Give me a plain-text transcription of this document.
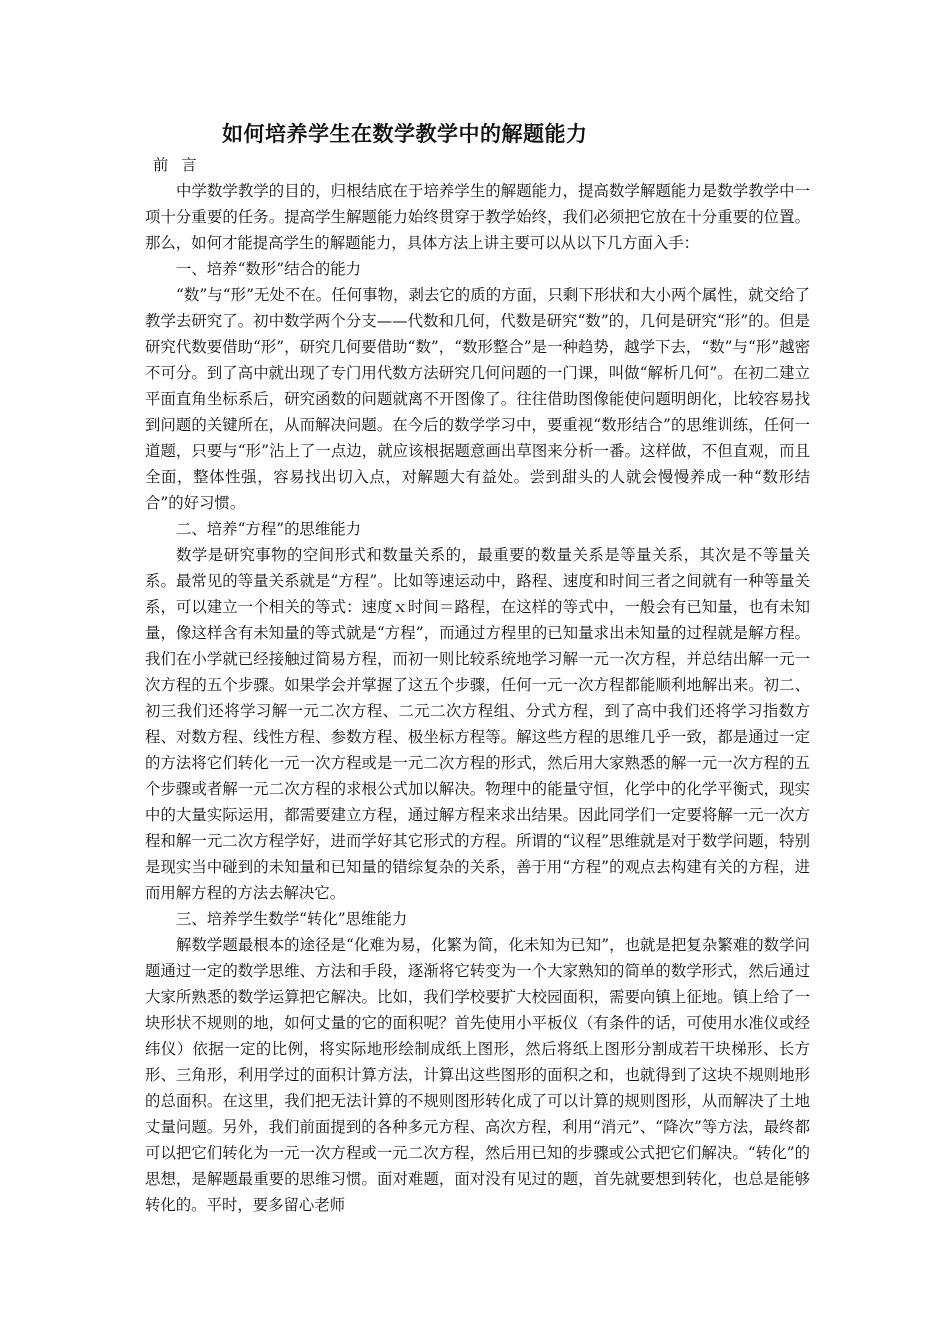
如何培养学生在数学教学中的解题能力
前 言

中学数学教学的目的，归根结底在于培养学生的解题能力，提高数学解题能力是数学教学中一项十分重要的任务。提高学生解题能力始终贯穿于教学始终，我们必须把它放在十分重要的位置。那么，如何才能提高学生的解题能力，具体方法上讲主要可以从以下几方面入手：

一、培养“数形”结合的能力

“数”与“形”无处不在。任何事物，剥去它的质的方面，只剩下形状和大小两个属性，就交给了教学去研究了。初中数学两个分支——代数和几何，代数是研究“数”的，几何是研究“形”的。但是研究代数要借助“形”，研究几何要借助“数”，“数形整合”是一种趋势，越学下去，“数”与“形”越密不可分。到了高中就出现了专门用代数方法研究几何问题的一门课，叫做“解析几何”。在初二建立平面直角坐标系后，研究函数的问题就离不开图像了。往往借助图像能使问题明朗化，比较容易找到问题的关键所在，从而解决问题。在今后的数学学习中，要重视“数形结合”的思维训练，任何一道题，只要与“形”沾上了一点边，就应该根据题意画出草图来分析一番。这样做，不但直观，而且全面，整体性强，容易找出切入点，对解题大有益处。尝到甜头的人就会慢慢养成一种“数形结合”的好习惯。

二、培养“方程”的思维能力

数学是研究事物的空间形式和数量关系的，最重要的数量关系是等量关系，其次是不等量关系。最常见的等量关系就是“方程”。比如等速运动中，路程、速度和时间三者之间就有一种等量关系，可以建立一个相关的等式：速度ｘ时间＝路程，在这样的等式中，一般会有已知量，也有未知量，像这样含有未知量的等式就是“方程”，而通过方程里的已知量求出未知量的过程就是解方程。我们在小学就已经接触过简易方程，而初一则比较系统地学习解一元一次方程，并总结出解一元一次方程的五个步骤。如果学会并掌握了这五个步骤，任何一元一次方程都能顺利地解出来。初二、初三我们还将学习解一元二次方程、二元二次方程组、分式方程，到了高中我们还将学习指数方程、对数方程、线性方程、参数方程、极坐标方程等。解这些方程的思维几乎一致，都是通过一定的方法将它们转化一元一次方程或是一元二次方程的形式，然后用大家熟悉的解一元一次方程的五个步骤或者解一元二次方程的求根公式加以解决。物理中的能量守恒，化学中的化学平衡式，现实中的大量实际运用，都需要建立方程，通过解方程来求出结果。因此同学们一定要将解一元一次方程和解一元二次方程学好，进而学好其它形式的方程。所谓的“议程”思维就是对于数学问题，特别是现实当中碰到的未知量和已知量的错综复杂的关系，善于用“方程”的观点去构建有关的方程，进而用解方程的方法去解决它。

三、培养学生数学“转化”思维能力

解数学题最根本的途径是“化难为易，化繁为简，化未知为已知”，也就是把复杂繁难的数学问题通过一定的数学思维、方法和手段，逐渐将它转变为一个大家熟知的简单的数学形式，然后通过大家所熟悉的数学运算把它解决。比如，我们学校要扩大校园面积，需要向镇上征地。镇上给了一块形状不规则的地，如何丈量的它的面积呢？首先使用小平板仪（有条件的话，可使用水准仪或经纬仪）依据一定的比例，将实际地形绘制成纸上图形，然后将纸上图形分割成若干块梯形、长方形、三角形，利用学过的面积计算方法，计算出这些图形的面积之和，也就得到了这块不规则地形的总面积。在这里，我们把无法计算的不规则图形转化成了可以计算的规则图形，从而解决了土地丈量问题。另外，我们前面提到的各种多元方程、高次方程，利用“消元”、“降次”等方法，最终都可以把它们转化为一元一次方程或一元二次方程，然后用已知的步骤或公式把它们解决。“转化”的思想，是解题最重要的思维习惯。面对难题，面对没有见过的题，首先就要想到转化，也总是能够转化的。平时，要多留心老师
